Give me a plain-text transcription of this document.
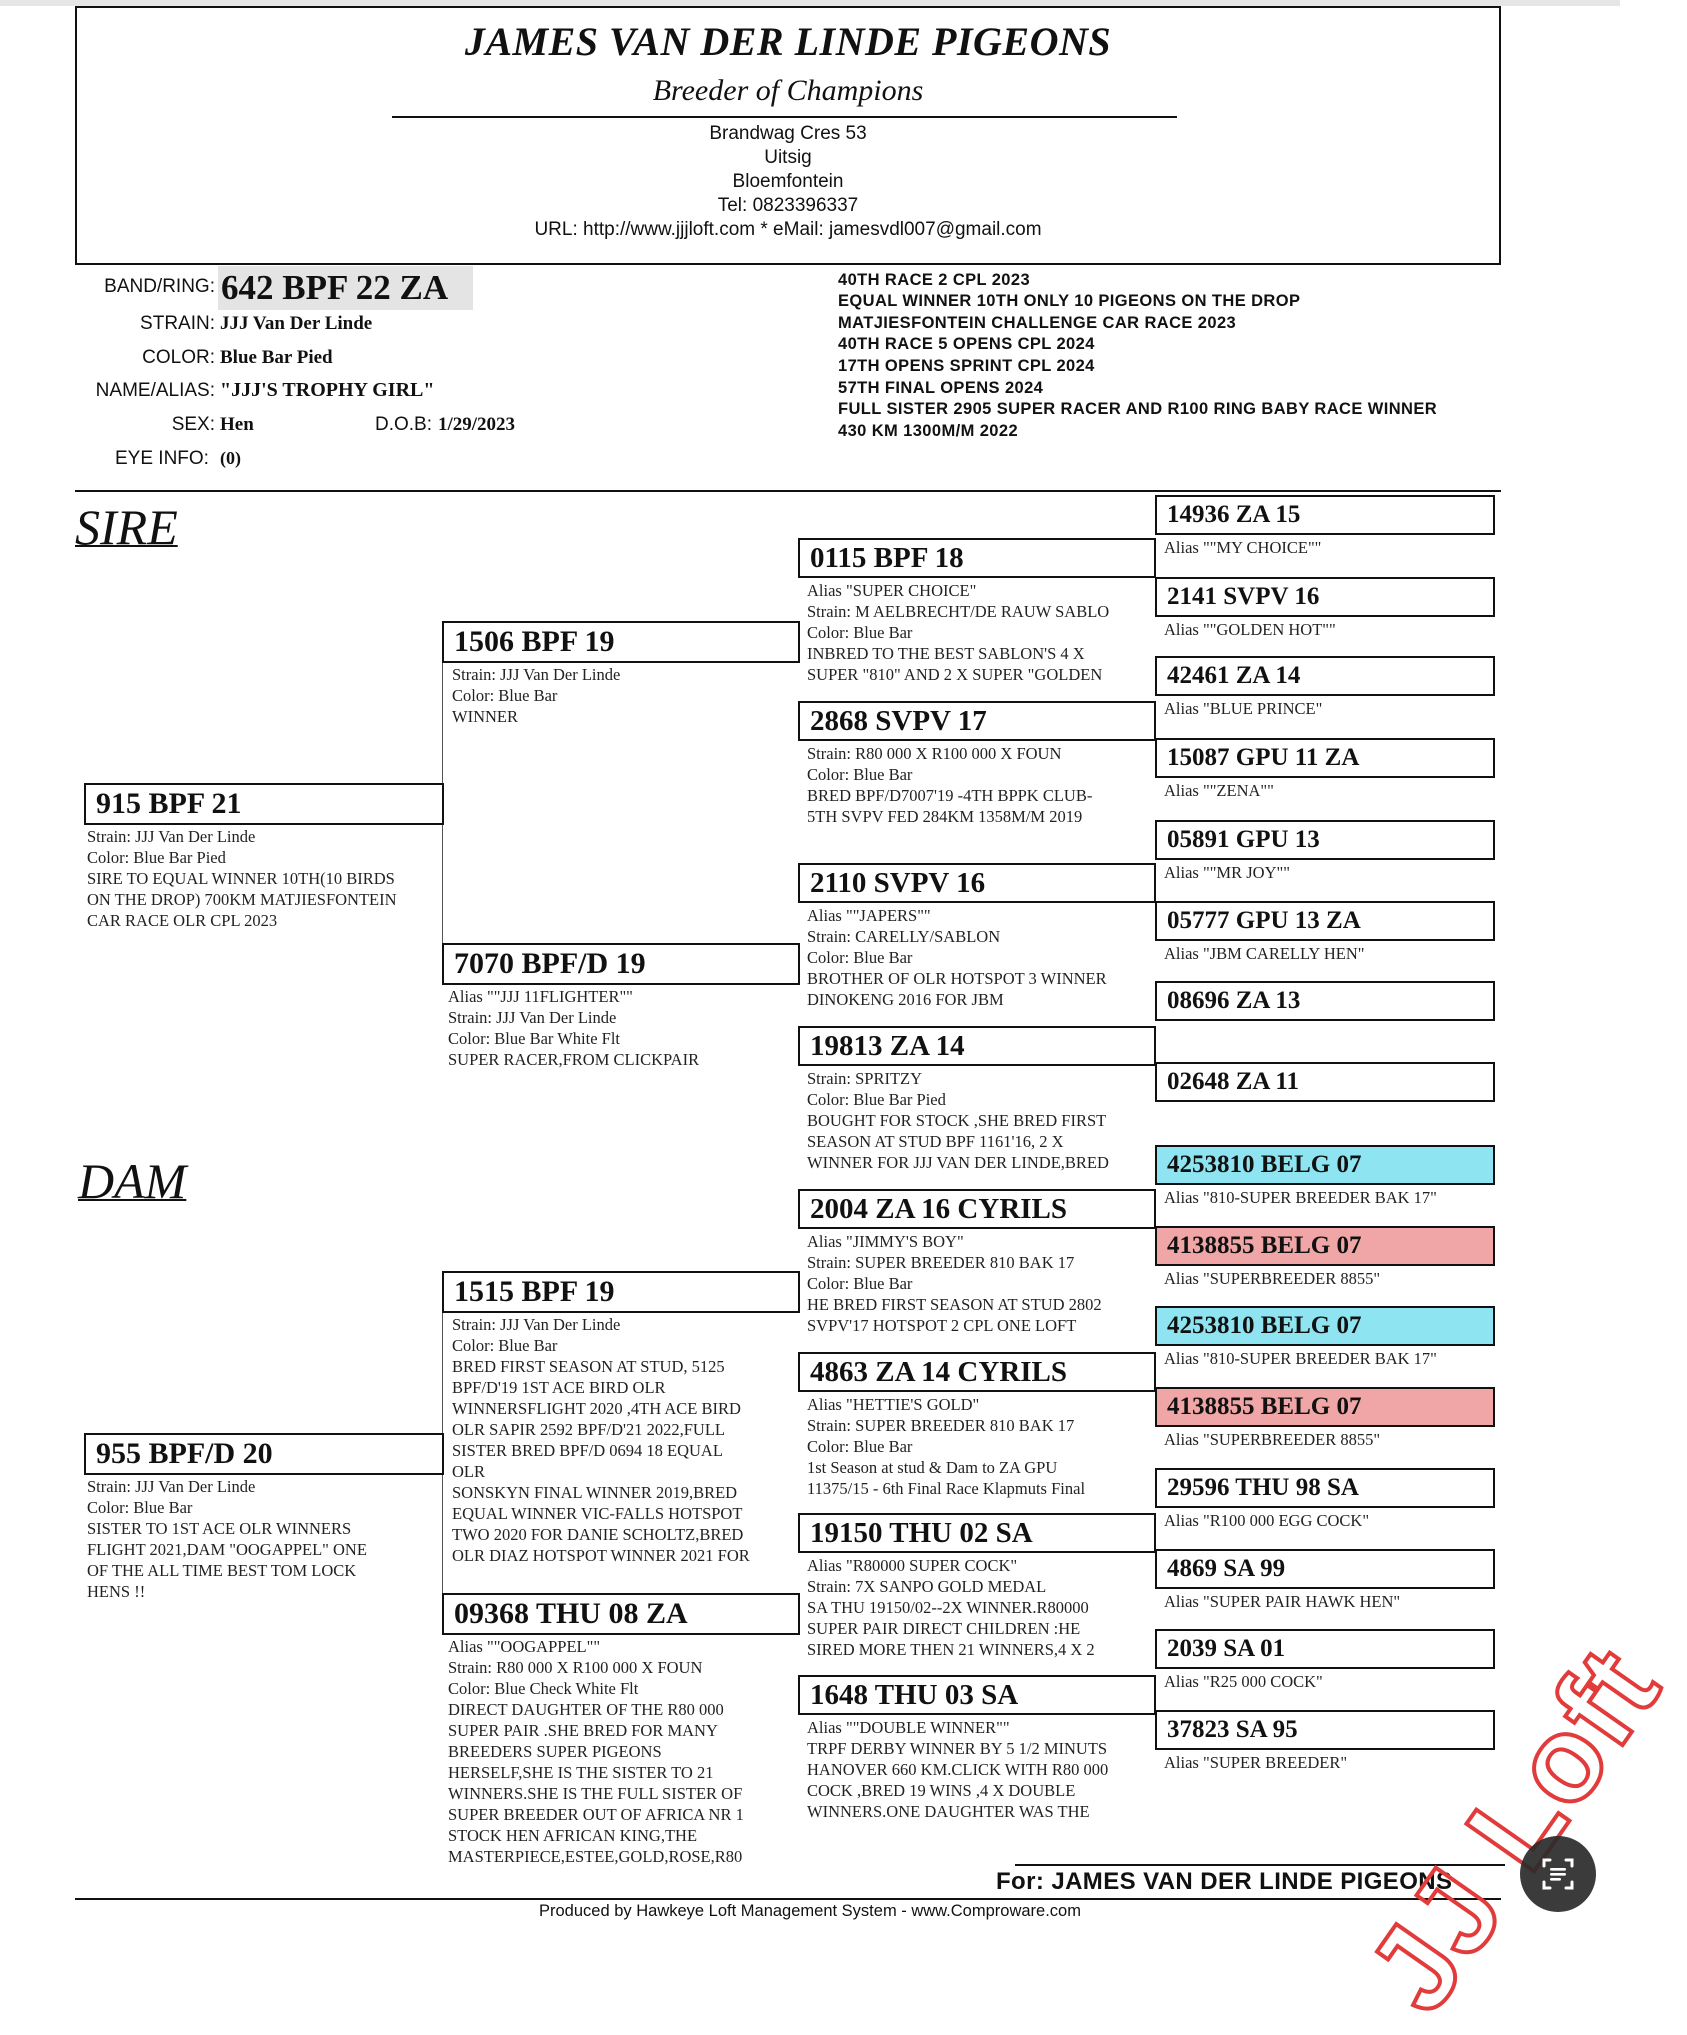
JAMES VAN DER LINDE PIGEONS
Breeder of Champions
Brandwag Cres 53
Uitsig
Bloemfontein
Tel: 0823396337
URL: http://www.jjjloft.com * eMail: jamesvdl007@gmail.com
BAND/RING: 642 BPF 22 ZA
STRAIN: JJJ Van Der Linde
COLOR: Blue Bar Pied
NAME/ALIAS: "JJJ'S TROPHY GIRL"
SEX: Hen	D.O.B: 1/29/2023
EYE INFO: (0)
40TH RACE 2 CPL 2023
EQUAL WINNER 10TH ONLY 10 PIGEONS ON THE DROP
MATJIESFONTEIN CHALLENGE CAR RACE 2023
40TH RACE 5 OPENS CPL 2024
17TH OPENS SPRINT CPL 2024
57TH FINAL OPENS 2024
FULL SISTER 2905 SUPER RACER AND R100 RING BABY RACE WINNER
430 KM 1300M/M 2022
SIRE
DAM
915 BPF 21
Strain: JJJ Van Der Linde
Color: Blue Bar Pied
SIRE TO EQUAL WINNER 10TH(10 BIRDS
ON THE DROP) 700KM MATJIESFONTEIN
CAR RACE OLR CPL 2023
955 BPF/D 20
Strain: JJJ Van Der Linde
Color: Blue Bar
SISTER TO 1ST ACE OLR WINNERS
FLIGHT 2021,DAM "OOGAPPEL" ONE
OF THE ALL TIME BEST TOM LOCK
HENS !!
1506 BPF 19
Strain: JJJ Van Der Linde
Color: Blue Bar
WINNER
7070 BPF/D 19
Alias ""JJJ 11FLIGHTER""
Strain: JJJ Van Der Linde
Color: Blue Bar White Flt
SUPER RACER,FROM CLICKPAIR
1515 BPF 19
Strain: JJJ Van Der Linde
Color: Blue Bar
BRED FIRST SEASON AT STUD, 5125
BPF/D'19 1ST ACE BIRD OLR
WINNERSFLIGHT 2020 ,4TH ACE BIRD
OLR SAPIR 2592 BPF/D'21 2022,FULL
SISTER BRED BPF/D 0694 18 EQUAL
OLR
SONSKYN FINAL WINNER 2019,BRED
EQUAL WINNER VIC-FALLS HOTSPOT
TWO 2020 FOR DANIE SCHOLTZ,BRED
OLR DIAZ HOTSPOT WINNER 2021 FOR
09368 THU 08 ZA
Alias ""OOGAPPEL""
Strain: R80 000 X R100 000 X FOUN
Color: Blue Check White Flt
DIRECT DAUGHTER OF THE R80 000
SUPER PAIR .SHE BRED FOR MANY
BREEDERS SUPER PIGEONS
HERSELF,SHE IS THE SISTER TO 21
WINNERS.SHE IS THE FULL SISTER OF
SUPER BREEDER OUT OF AFRICA NR 1
STOCK HEN AFRICAN KING,THE
MASTERPIECE,ESTEE,GOLD,ROSE,R80
0115 BPF 18
Alias "SUPER CHOICE"
Strain: M AELBRECHT/DE RAUW SABLO
Color: Blue Bar
INBRED TO THE BEST SABLON'S 4 X
SUPER "810" AND 2 X SUPER "GOLDEN
2868 SVPV 17
Strain: R80 000 X R100 000 X FOUN
Color: Blue Bar
BRED BPF/D7007'19 -4TH BPPK CLUB-
5TH SVPV FED 284KM 1358M/M 2019
2110 SVPV 16
Alias ""JAPERS""
Strain: CARELLY/SABLON
Color: Blue Bar
BROTHER OF OLR HOTSPOT 3 WINNER
DINOKENG 2016 FOR JBM
19813 ZA 14
Strain: SPRITZY
Color: Blue Bar Pied
BOUGHT FOR STOCK ,SHE BRED FIRST
SEASON AT STUD BPF 1161'16, 2 X
WINNER FOR JJJ VAN DER LINDE,BRED
2004 ZA 16 CYRILS
Alias "JIMMY'S BOY"
Strain: SUPER BREEDER 810 BAK 17
Color: Blue Bar
HE BRED FIRST SEASON AT STUD 2802
SVPV'17 HOTSPOT 2 CPL ONE LOFT
4863 ZA 14 CYRILS
Alias "HETTIE'S GOLD"
Strain: SUPER BREEDER 810 BAK 17
Color: Blue Bar
1st Season at stud & Dam to ZA GPU
11375/15 - 6th Final Race Klapmuts Final
19150 THU 02 SA
Alias "R80000 SUPER COCK"
Strain: 7X SANPO GOLD MEDAL
SA THU 19150/02--2X WINNER.R80000
SUPER PAIR DIRECT CHILDREN :HE
SIRED MORE THEN 21 WINNERS,4 X 2
1648 THU 03 SA
Alias ""DOUBLE WINNER""
TRPF DERBY WINNER BY 5 1/2 MINUTS
HANOVER 660 KM.CLICK WITH R80 000
COCK ,BRED 19 WINS ,4 X DOUBLE
WINNERS.ONE DAUGHTER WAS THE
14936 ZA 15
Alias ""MY CHOICE""
2141 SVPV 16
Alias ""GOLDEN HOT""
42461 ZA 14
Alias "BLUE PRINCE"
15087 GPU 11 ZA
Alias ""ZENA""
05891 GPU 13
Alias ""MR JOY""
05777 GPU 13 ZA
Alias "JBM CARELLY HEN"
08696 ZA 13
02648 ZA 11
4253810 BELG 07
Alias "810-SUPER BREEDER BAK 17"
4138855 BELG 07
Alias "SUPERBREEDER 8855"
4253810 BELG 07
Alias "810-SUPER BREEDER BAK 17"
4138855 BELG 07
Alias "SUPERBREEDER 8855"
29596 THU 98 SA
Alias "R100 000 EGG COCK"
4869 SA 99
Alias "SUPER PAIR HAWK HEN"
2039 SA 01
Alias "R25 000 COCK"
37823 SA 95
Alias "SUPER BREEDER"
For: JAMES VAN DER LINDE PIGEONS
Produced by Hawkeye Loft Management System - www.Comproware.com	JJ Loft
